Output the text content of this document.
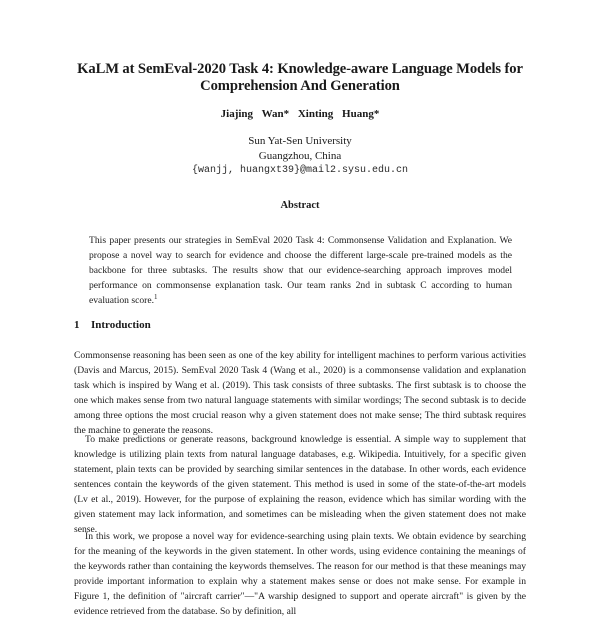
KaLM at SemEval-2020 Task 4: Knowledge-aware Language Models for
Comprehension And Generation
Jiajing Wan* Xinting Huang*
Sun Yat-Sen University
Guangzhou, China
{wanjj, huangxt39}@mail2.sysu.edu.cn
Abstract

This paper presents our strategies in SemEval 2020 Task 4: Commonsense Validation and Explanation. We propose a novel way to search for evidence and choose the different large-scale pre-trained models as the backbone for three subtasks. The results show that our evidence-searching approach improves model performance on commonsense explanation task. Our team ranks 2nd in subtask C according to human evaluation score.$^1$

1 Introduction

Commonsense reasoning has been seen as one of the key ability for intelligent machines to perform various activities (Davis and Marcus, 2015). SemEval 2020 Task 4 (Wang et al., 2020) is a commonsense validation and explanation task which is inspired by Wang et al. (2019). This task consists of three subtasks. The first subtask is to choose the one which makes sense from two natural language statements with similar wordings; The second subtask is to decide among three options the most crucial reason why a given statement does not make sense; The third subtask requires the machine to generate the reasons.

To make predictions or generate reasons, background knowledge is essential. A simple way to supplement that knowledge is utilizing plain texts from natural language databases, e.g. Wikipedia. Intuitively, for a specific given statement, plain texts can be provided by searching similar sentences in the database. In other words, each evidence sentences contain the keywords of the given statement. This method is used in some of the state-of-the-art models (Lv et al., 2019). However, for the purpose of explaining the reason, evidence which has similar wording with the given statement may lack information, and sometimes can be misleading when the given statement does not make sense.

In this work, we propose a novel way for evidence-searching using plain texts. We obtain evidence by searching for the meaning of the keywords in the given statement. In other words, using evidence containing the meanings of the keywords rather than containing the keywords themselves. The reason for our method is that these meanings may provide important information to explain why a statement makes sense or does not make sense. For example in Figure 1, the definition of "aircraft carrier"—"A warship designed to support and operate aircraft" is given by the evidence retrieved from the database. So by definition, all
